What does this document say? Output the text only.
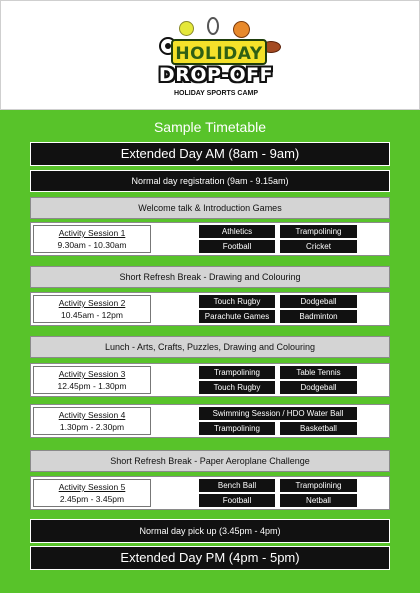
HOLIDAY
DROP-OFF
HOLIDAY SPORTS CAMP
Sample Timetable
Extended Day AM (8am - 9am)
Normal day registration (9am - 9.15am)
Welcome talk & Introduction Games
Activity Session 1
9.30am - 10.30am
Athletics	Trampolining
Football	Cricket
Short Refresh Break - Drawing and Colouring
Activity Session 2
10.45am - 12pm
Touch Rugby	Dodgeball
Parachute Games	Badminton
Lunch - Arts, Crafts, Puzzles, Drawing and Colouring
Activity Session 3
12.45pm - 1.30pm
Trampolining	Table Tennis
Touch Rugby	Dodgeball
Activity Session 4
1.30pm - 2.30pm
Swimming Session / HDO Water Ball
Trampolining	Basketball
Short Refresh Break - Paper Aeroplane Challenge
Activity Session 5
2.45pm - 3.45pm
Bench Ball	Trampolining
Football	Netball
Normal day pick up (3.45pm - 4pm)
Extended Day PM (4pm - 5pm)
